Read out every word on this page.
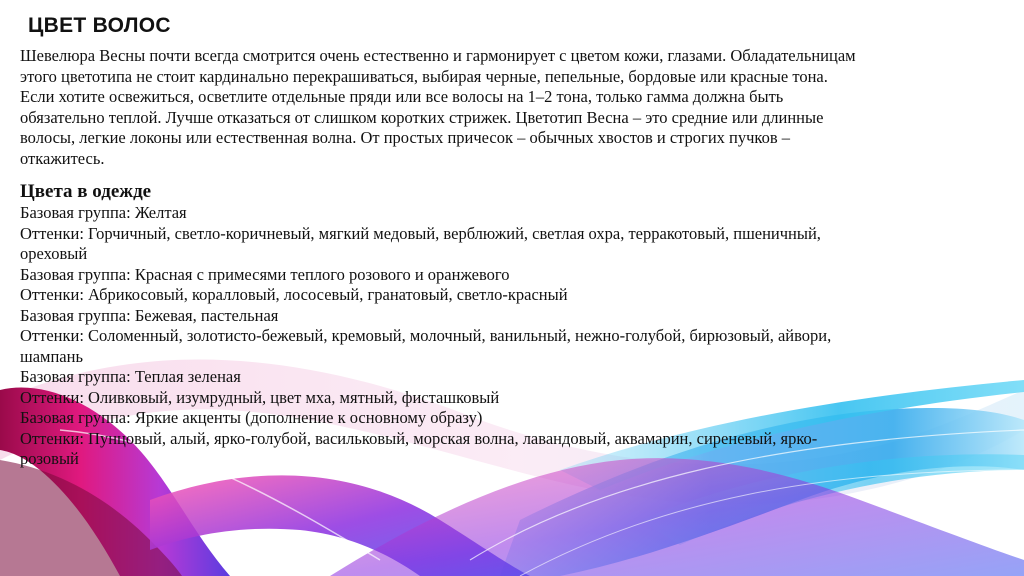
ЦВЕТ ВОЛОС

Шевелюра Весны почти всегда смотрится очень естественно и гармонирует с цветом кожи, глазами. Обладательницам

этого цветотипа не стоит кардинально перекрашиваться, выбирая черные, пепельные, бордовые или красные тона.

Если хотите освежиться, осветлите отдельные пряди или все волосы на 1–2 тона, только гамма должна быть

обязательно теплой. Лучше отказаться от слишком коротких стрижек. Цветотип Весна – это средние или длинные

волосы, легкие локоны или естественная волна. От простых причесок – обычных хвостов и строгих пучков –

откажитесь.

Цвета в одежде

Базовая группа: Желтая

Оттенки: Горчичный, светло-коричневый, мягкий медовый, верблюжий, светлая охра, терракотовый, пшеничный,

ореховый

Базовая группа: Красная с примесями теплого розового и оранжевого

Оттенки: Абрикосовый, коралловый, лососевый, гранатовый, светло-красный

Базовая группа: Бежевая, пастельная

Оттенки: Соломенный, золотисто-бежевый, кремовый, молочный, ванильный, нежно-голубой, бирюзовый, айвори,

шампань

Базовая группа: Теплая зеленая

Оттенки: Оливковый, изумрудный, цвет мха, мятный, фисташковый

Базовая группа: Яркие акценты (дополнение к основному образу)

Оттенки: Пунцовый, алый, ярко-голубой, васильковый, морская волна, лавандовый, аквамарин, сиреневый, ярко-

розовый
